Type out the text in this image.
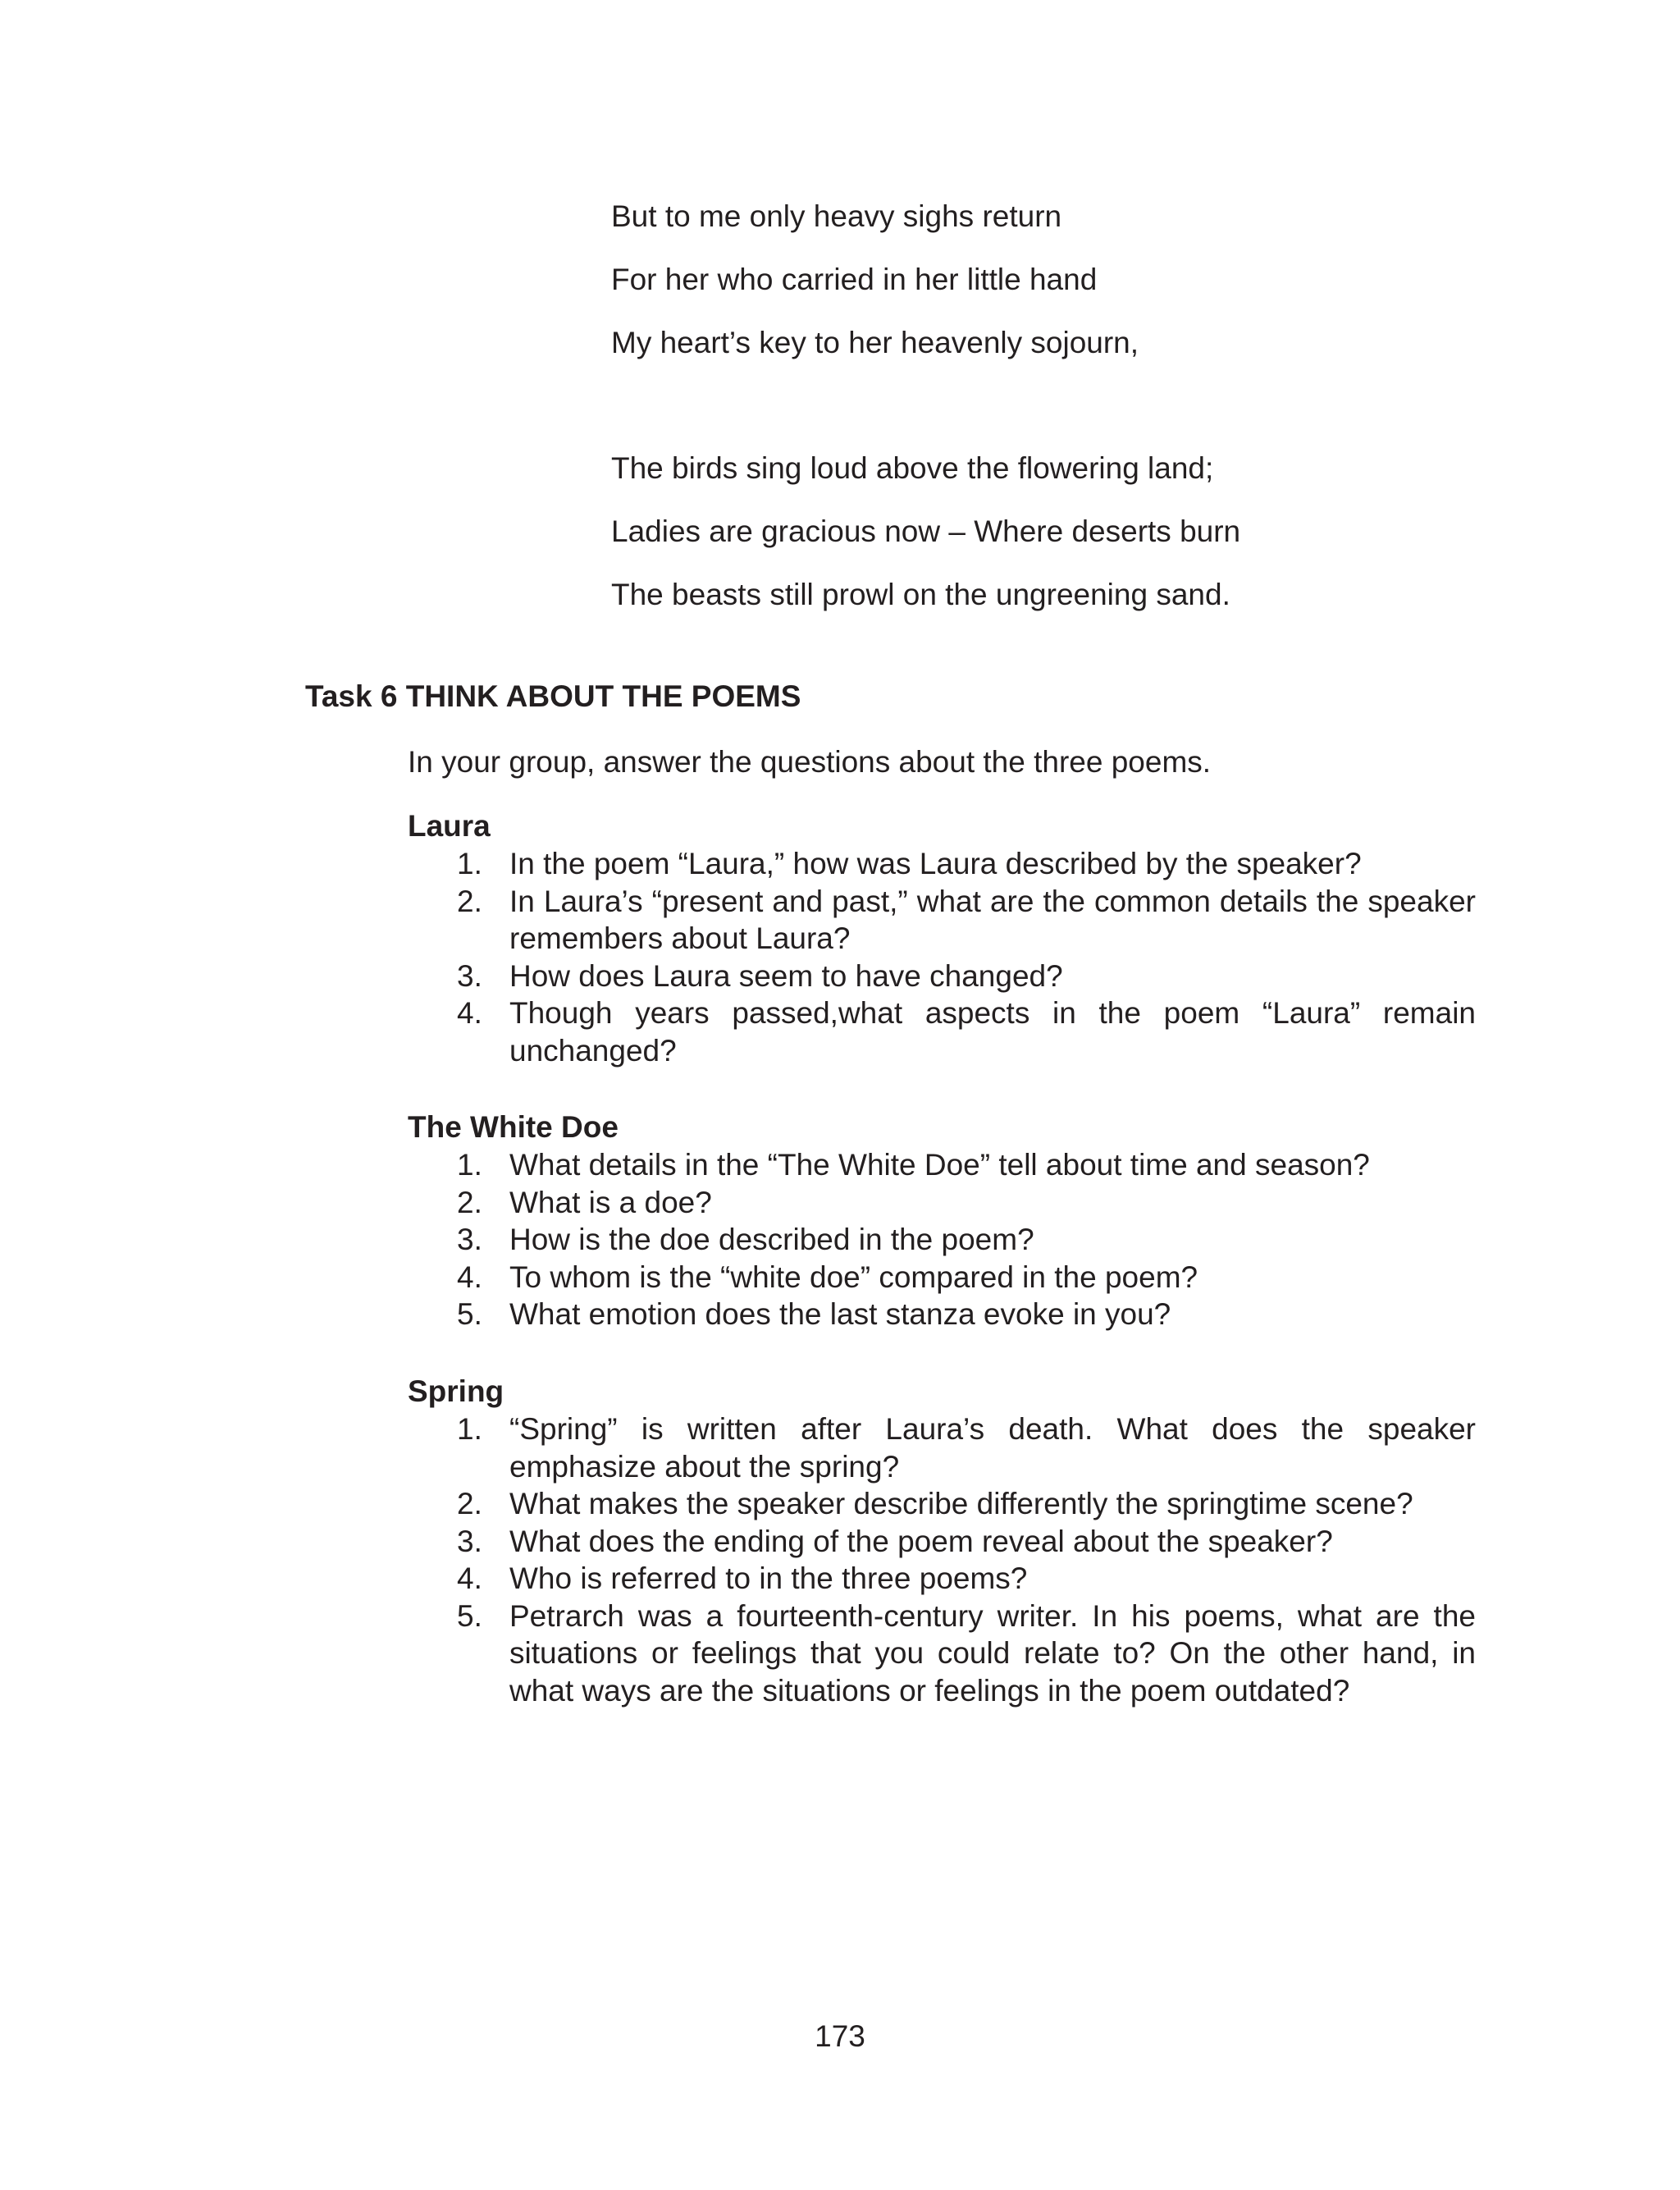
But to me only heavy sighs return
For her who carried in her little hand
My heart’s key to her heavenly sojourn,
The birds sing loud above the flowering land;
Ladies are gracious now – Where deserts burn
The beasts still prowl on the ungreening sand.
Task 6 THINK ABOUT THE POEMS
In your group, answer the questions about the three poems.
Laura
1. In the poem “Laura,” how was Laura described by the speaker?
2. In Laura’s “present and past,” what are the common details the speaker remembers about Laura?
3. How does Laura seem to have changed?
4. Though years passed,what aspects in the poem “Laura” remain unchanged?
The White Doe
1. What details in the “The White Doe” tell about time and season?
2. What is a doe?
3. How is the doe described in the poem?
4. To whom is the “white doe” compared in the poem?
5. What emotion does the last stanza evoke in you?
Spring
1. “Spring” is written after Laura’s death. What does the speaker emphasize about the spring?
2. What makes the speaker describe differently the springtime scene?
3. What does the ending of the poem reveal about the speaker?
4. Who is referred to in the three poems?
5. Petrarch was a fourteenth-century writer. In his poems, what are the situations or feelings that you could relate to? On the other hand, in what ways are the situations or feelings in the poem outdated?
173
